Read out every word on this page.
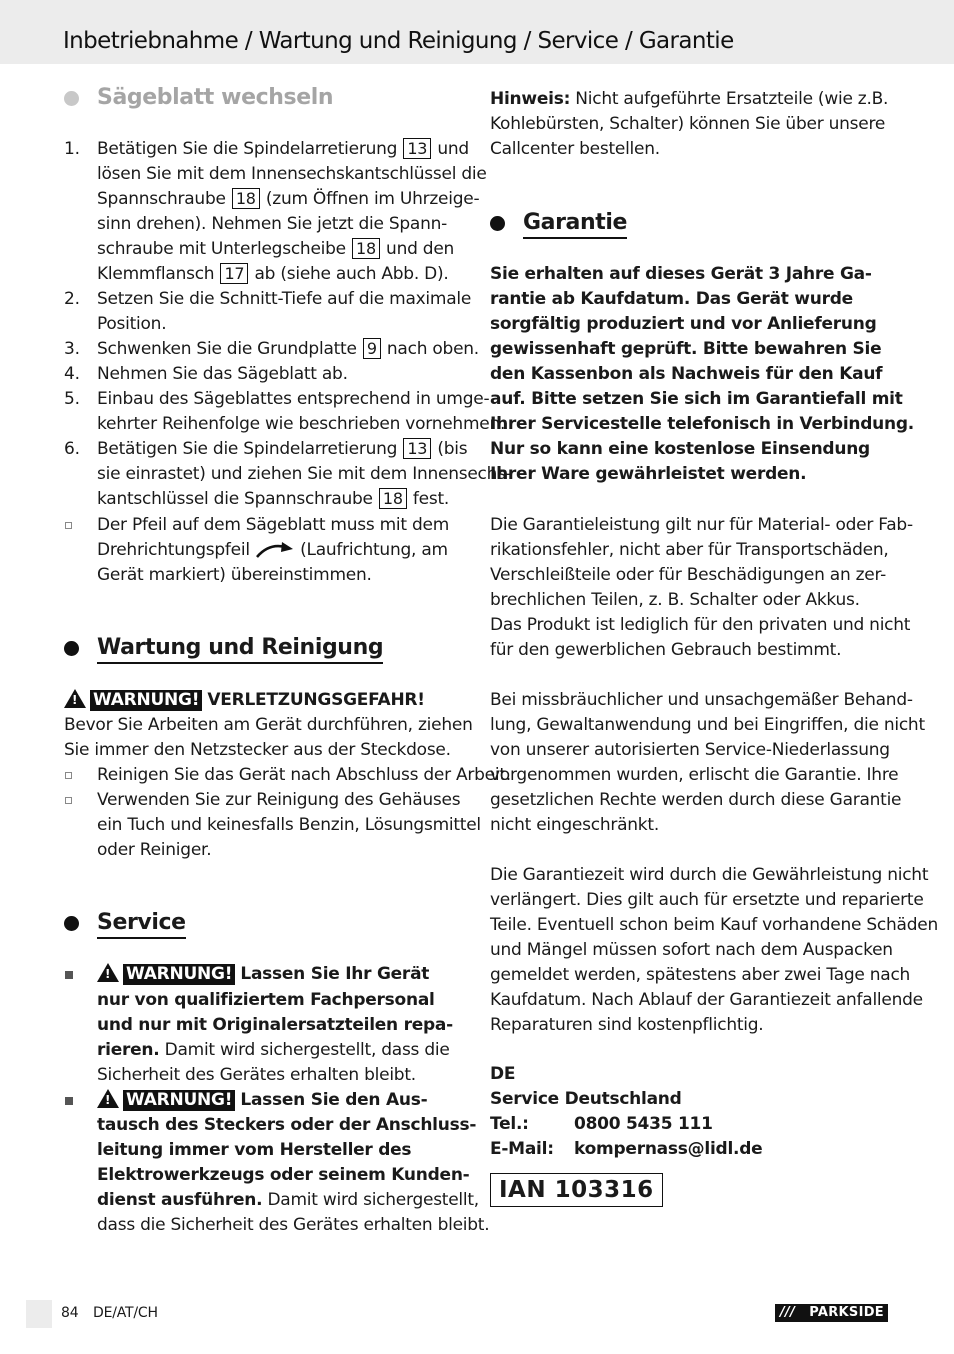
Inbetriebnahme / Wartung und Reinigung / Service / Garantie
Sägeblatt wechseln
1.	Betätigen Sie die Spindelarretierung 13 und
lösen Sie mit dem Innensechskantschlüssel die
Spannschraube 18 (zum Öffnen im Uhrzeige-
sinn drehen). Nehmen Sie jetzt die Spann-
schraube mit Unterlegscheibe 18 und den
Klemmflansch 17 ab (siehe auch Abb. D).
2.	Setzen Sie die Schnitt-Tiefe auf die maximale
Position.
3.	Schwenken Sie die Grundplatte 9 nach oben.
4.	Nehmen Sie das Sägeblatt ab.
5.	Einbau des Sägeblattes entsprechend in umge-
kehrter Reihenfolge wie beschrieben vornehmen.
6.	Betätigen Sie die Spindelarretierung 13 (bis
sie einrastet) und ziehen Sie mit dem Innensechs-
kantschlüssel die Spannschraube 18 fest.
Der Pfeil auf dem Sägeblatt muss mit dem
Drehrichtungspfeil	(Laufrichtung, am
Gerät markiert) übereinstimmen.
Wartung und Reinigung
! WARNUNG! VERLETZUNGSGEFAHR!
Bevor Sie Arbeiten am Gerät durchführen, ziehen
Sie immer den Netzstecker aus der Steckdose.
Reinigen Sie das Gerät nach Abschluss der Arbeit.
Verwenden Sie zur Reinigung des Gehäuses
ein Tuch und keinesfalls Benzin, Lösungsmittel
oder Reiniger.
Service
! WARNUNG! Lassen Sie Ihr Gerät
nur von qualifiziertem Fachpersonal
und nur mit Originalersatzteilen repa-
rieren. Damit wird sichergestellt, dass die
Sicherheit des Gerätes erhalten bleibt.
! WARNUNG! Lassen Sie den Aus-
tausch des Steckers oder der Anschluss-
leitung immer vom Hersteller des
Elektrowerkzeugs oder seinem Kunden-
dienst ausführen. Damit wird sichergestellt,
dass die Sicherheit des Gerätes erhalten bleibt.
Hinweis: Nicht aufgeführte Ersatzteile (wie z.B.
Kohlebürsten, Schalter) können Sie über unsere
Callcenter bestellen.
Garantie
Sie erhalten auf dieses Gerät 3 Jahre Ga-
rantie ab Kaufdatum. Das Gerät wurde
sorgfältig produziert und vor Anlieferung
gewissenhaft geprüft. Bitte bewahren Sie
den Kassenbon als Nachweis für den Kauf
auf. Bitte setzen Sie sich im Garantiefall mit
Ihrer Servicestelle telefonisch in Verbindung.
Nur so kann eine kostenlose Einsendung
Ihrer Ware gewährleistet werden.
Die Garantieleistung gilt nur für Material- oder Fab-
rikationsfehler, nicht aber für Transportschäden,
Verschleißteile oder für Beschädigungen an zer-
brechlichen Teilen, z. B. Schalter oder Akkus.
Das Produkt ist lediglich für den privaten und nicht
für den gewerblichen Gebrauch bestimmt.
Bei missbräuchlicher und unsachgemäßer Behand-
lung, Gewaltanwendung und bei Eingriffen, die nicht
von unserer autorisierten Service-Niederlassung
vorgenommen wurden, erlischt die Garantie. Ihre
gesetzlichen Rechte werden durch diese Garantie
nicht eingeschränkt.
Die Garantiezeit wird durch die Gewährleistung nicht
verlängert. Dies gilt auch für ersetzte und reparierte
Teile. Eventuell schon beim Kauf vorhandene Schäden
und Mängel müssen sofort nach dem Auspacken
gemeldet werden, spätestens aber zwei Tage nach
Kaufdatum. Nach Ablauf der Garantiezeit anfallende
Reparaturen sind kostenpflichtig.
DE
Service Deutschland
Tel.:	0800 5435 111
E-Mail: kompernass@lidl.de
IAN 103316
84 DE/AT/CH	/// PARKSIDE
